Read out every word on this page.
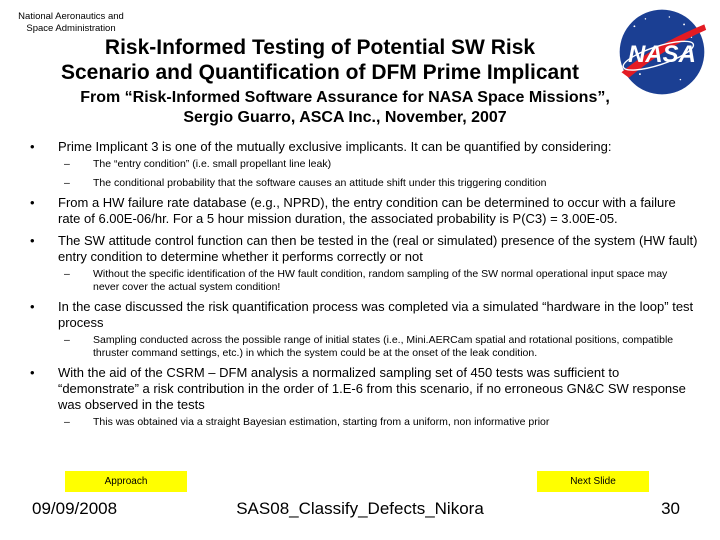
National Aeronautics and Space Administration
NASA
Risk-Informed Testing of Potential SW Risk
Scenario and Quantification of DFM Prime Implicant
From “Risk-Informed Software Assurance for NASA Space Missions”,
Sergio Guarro, ASCA Inc., November, 2007
• Prime Implicant 3 is one of the mutually exclusive implicants. It can be quantified by considering:
– The “entry condition” (i.e. small propellant line leak)
– The conditional probability that the software causes an attitude shift under this triggering condition
• From a HW failure rate database (e.g., NPRD), the entry condition can be determined to occur with a failure rate of 6.00E-06/hr. For a 5 hour mission duration, the associated probability is P(C3) = 3.00E-05.
• The SW attitude control function can then be tested in the (real or simulated) presence of the system (HW fault) entry condition to determine whether it performs correctly or not
– Without the specific identification of the HW fault condition, random sampling of the SW normal operational input space may never cover the actual system condition!
• In the case discussed the risk quantification process was completed via a simulated “hardware in the loop” test process
– Sampling conducted across the possible range of initial states (i.e., Mini.AERCam spatial and rotational positions, compatible thruster command settings, etc.) in which the system could be at the onset of the leak condition.
• With the aid of the CSRM – DFM analysis a normalized sampling set of 450 tests was sufficient to “demonstrate” a risk contribution in the order of 1.E-6 from this scenario, if no erroneous GN&C SW response was observed in the tests
– This was obtained via a straight Bayesian estimation, starting from a uniform, non informative prior
Approach	Next Slide
09/09/2008	SAS08_Classify_Defects_Nikora	30
